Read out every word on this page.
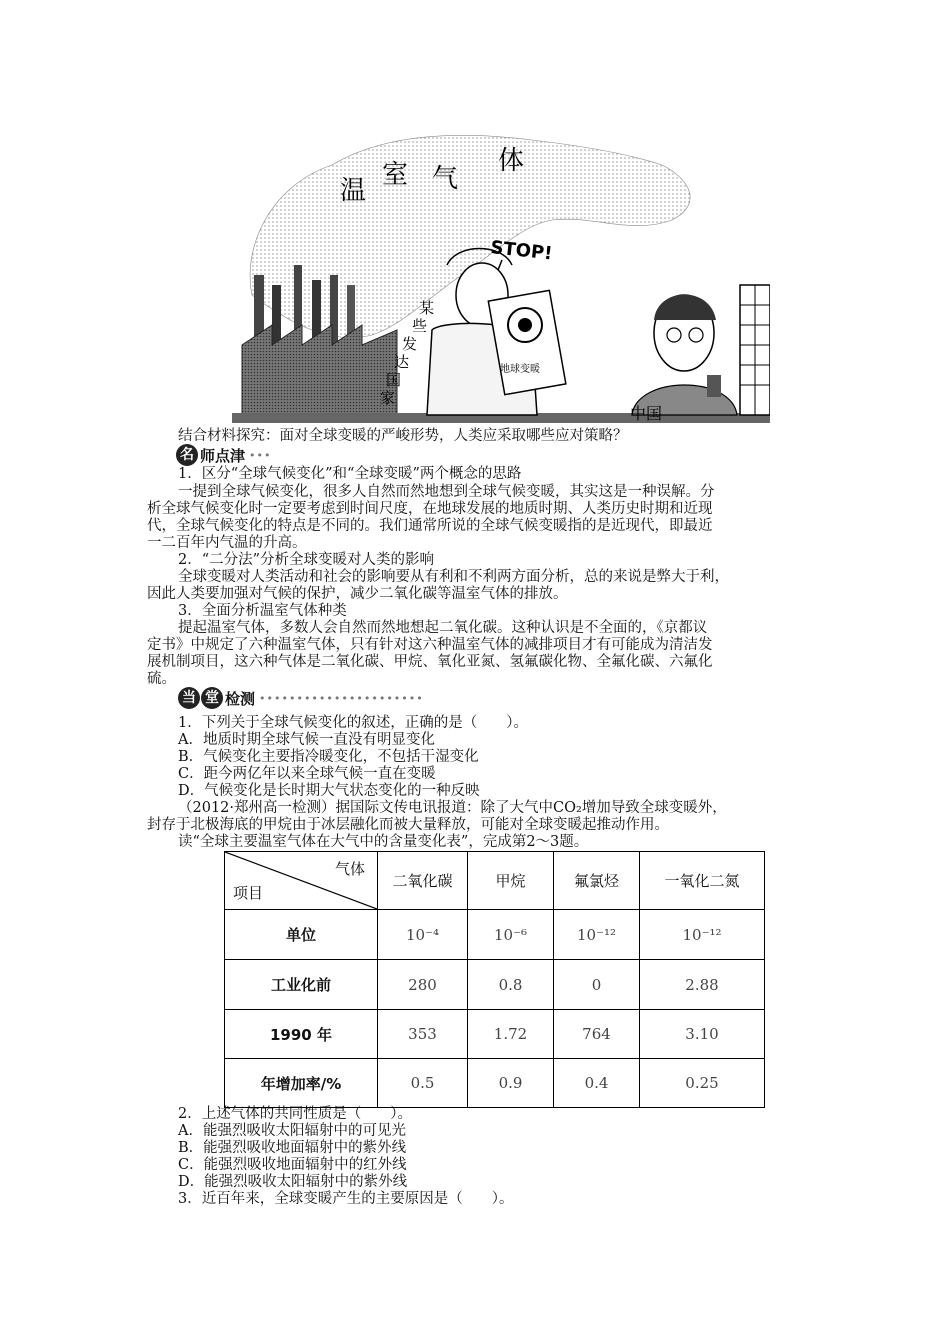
温
室 气
体
STOP!
地球变暖
某
些
发
达
国
家
中国
结合材料探究：面对全球变暖的严峻形势，人类应采取哪些应对策略？
名 师点津 •••
1．区分“全球气候变化”和“全球变暖”两个概念的思路
一提到全球气候变化，很多人自然而然地想到全球气候变暖，其实这是一种误解。分
析全球气候变化时一定要考虑到时间尺度，在地球发展的地质时期、人类历史时期和近现
代，全球气候变化的特点是不同的。我们通常所说的全球气候变暖指的是近现代，即最近
一二百年内气温的升高。
2．“二分法”分析全球变暖对人类的影响
全球变暖对人类活动和社会的影响要从有利和不利两方面分析，总的来说是弊大于利，
因此人类要加强对气候的保护，减少二氧化碳等温室气体的排放。
3．全面分析温室气体种类
提起温室气体，多数人会自然而然地想起二氧化碳。这种认识是不全面的，《京都议
定书》中规定了六种温室气体，只有针对这六种温室气体的减排项目才有可能成为清洁发
展机制项目，这六种气体是二氧化碳、甲烷、氧化亚氮、氢氟碳化物、全氟化碳、六氟化
硫。
当 堂 检测 ••••••••••••••••••••••
1．下列关于全球气候变化的叙述，正确的是（　　）。
A．地质时期全球气候一直没有明显变化
B．气候变化主要指冷暖变化，不包括干湿变化
C．距今两亿年以来全球气候一直在变暖
D．气候变化是长时期大气状态变化的一种反映
（2012·郑州高一检测）据国际文传电讯报道：除了大气中CO₂增加导致全球变暖外，
封存于北极海底的甲烷由于冰层融化而被大量释放，可能对全球变暖起推动作用。
读“全球主要温室气体在大气中的含量变化表”，完成第2～3题。
气体
项目	二氧化碳	甲烷	氟氯烃	一氧化二氮
单位	10⁻⁴	10⁻⁶	10⁻¹²	10⁻¹²
工业化前	280	0.8	0	2.88
1990 年	353	1.72	764	3.10
年增加率/%	0.5	0.9	0.4	0.25
2．上述气体的共同性质是（　　）。
A．能强烈吸收太阳辐射中的可见光
B．能强烈吸收地面辐射中的紫外线
C．能强烈吸收地面辐射中的红外线
D．能强烈吸收太阳辐射中的紫外线
3．近百年来，全球变暖产生的主要原因是（　　）。
